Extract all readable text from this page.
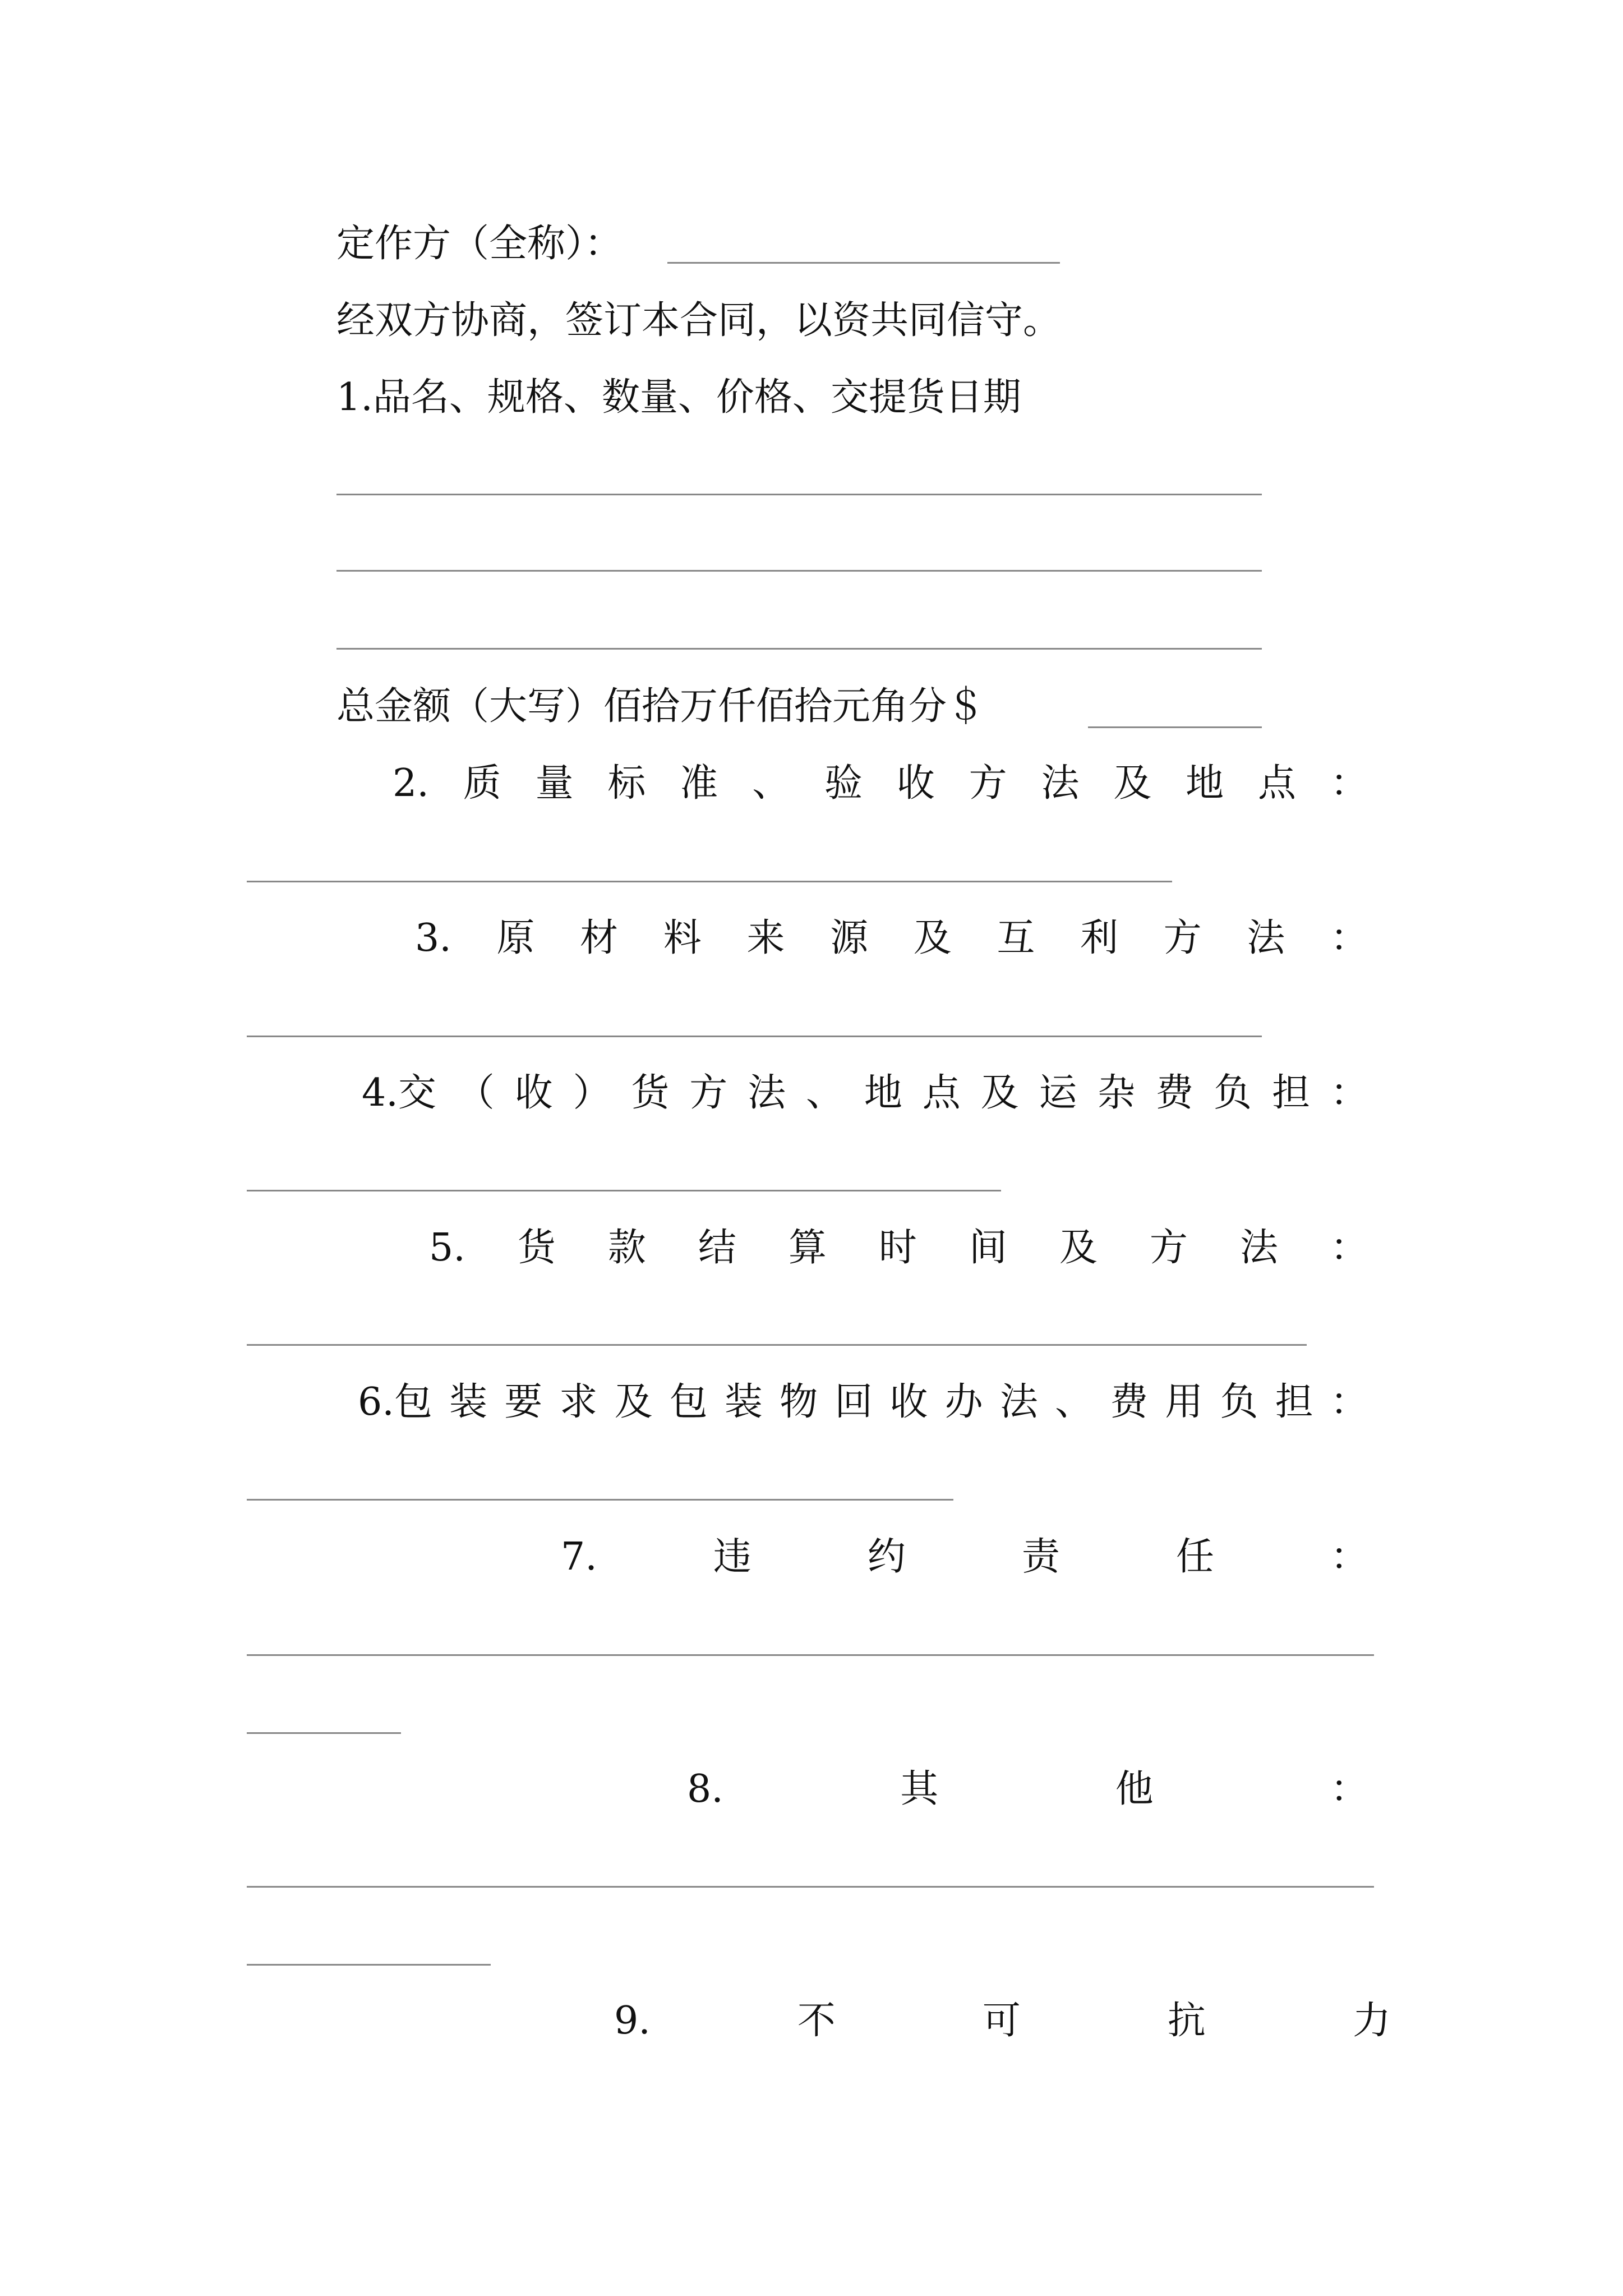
定作方（全称）：
经双方协商，签订本合同，以资共同信守。
1.品名、规格、数量、价格、交提货日期
总金额（大写）佰拾万仟佰拾元角分＄
2. 质 量 标 准 、 验 收 方 法 及 地 点 ：
3. 原 材 料 来 源 及 互 利 方 法 ：
4.交 （ 收 ） 货 方 法 、 地 点 及 运 杂 费 负 担 ：
5. 货 款 结 算 时 间 及 方 法 ：
6.包 装 要 求 及 包 装 物 回 收 办 法 、 费 用 负 担 ：
7.	违	约	责	任	：
8.	其	他	：
9.	不	可	抗	力
